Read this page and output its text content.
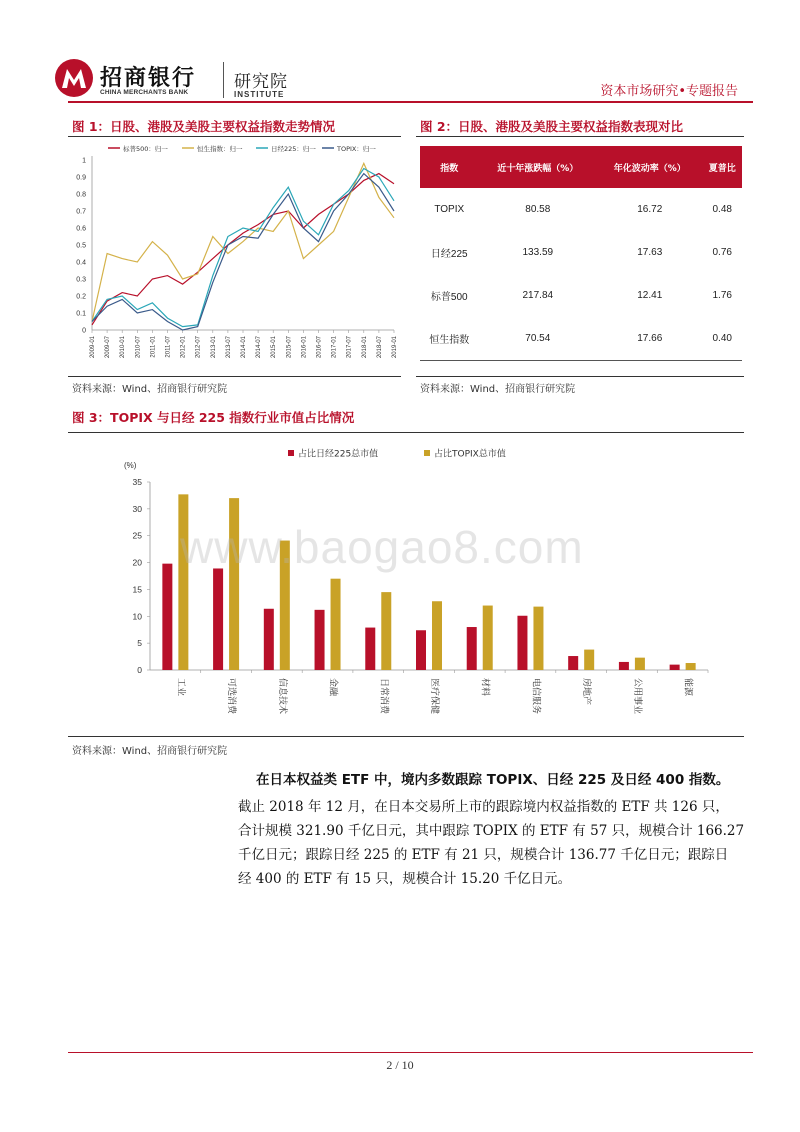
招商银行
CHINA MERCHANTS BANK
研究院
INSTITUTE	资本市场研究•专题报告
图 1：日股、港股及美股主要权益指数走势情况
标普500：归一	恒生指数：归一	日经225：归一	TOPIX：归一
0
0.1
0.2
0.3
0.4
0.5
0.6
0.7
0.8
0.9
1
2009-01 2009-07 2010-01 2010-07 2011-01 2011-07 2012-01 2012-07 2013-01 2013-07 2014-01 2014-07 2015-01 2015-07 2016-01 2016-07 2017-01 2017-07 2018-01 2018-07 2019-01
资料来源：Wind、招商银行研究院
图 2：日股、港股及美股主要权益指数表现对比
指数	近十年涨跌幅（%）	年化波动率（%）	夏普比
TOPIX	80.58	16.72	0.48
日经225	133.59	17.63	0.76
标普500	217.84	12.41	1.76
恒生指数	70.54	17.66	0.40
资料来源：Wind、招商银行研究院
图 3：TOPIX 与日经 225 指数行业市值占比情况
占比日经225总市值	占比TOPIX总市值
(%)
0
5
10
15
20
25
30
35
工业	可选消费	信息技术	金融	日常消费	医疗保健	材料	电信服务	房地产	公用事业	能源
资料来源：Wind、招商银行研究院
www.baogao8.com
在日本权益类 ETF 中，境内多数跟踪 TOPIX、日经 225 及日经 400 指数。
截止 2018 年 12 月，在日本交易所上市的跟踪境内权益指数的 ETF 共 126 只，
合计规模 321.90 千亿日元，其中跟踪 TOPIX 的 ETF 有 57 只，规模合计 166.27
千亿日元；跟踪日经 225 的 ETF 有 21 只，规模合计 136.77 千亿日元；跟踪日
经 400 的 ETF 有 15 只，规模合计 15.20 千亿日元。
2 / 10
